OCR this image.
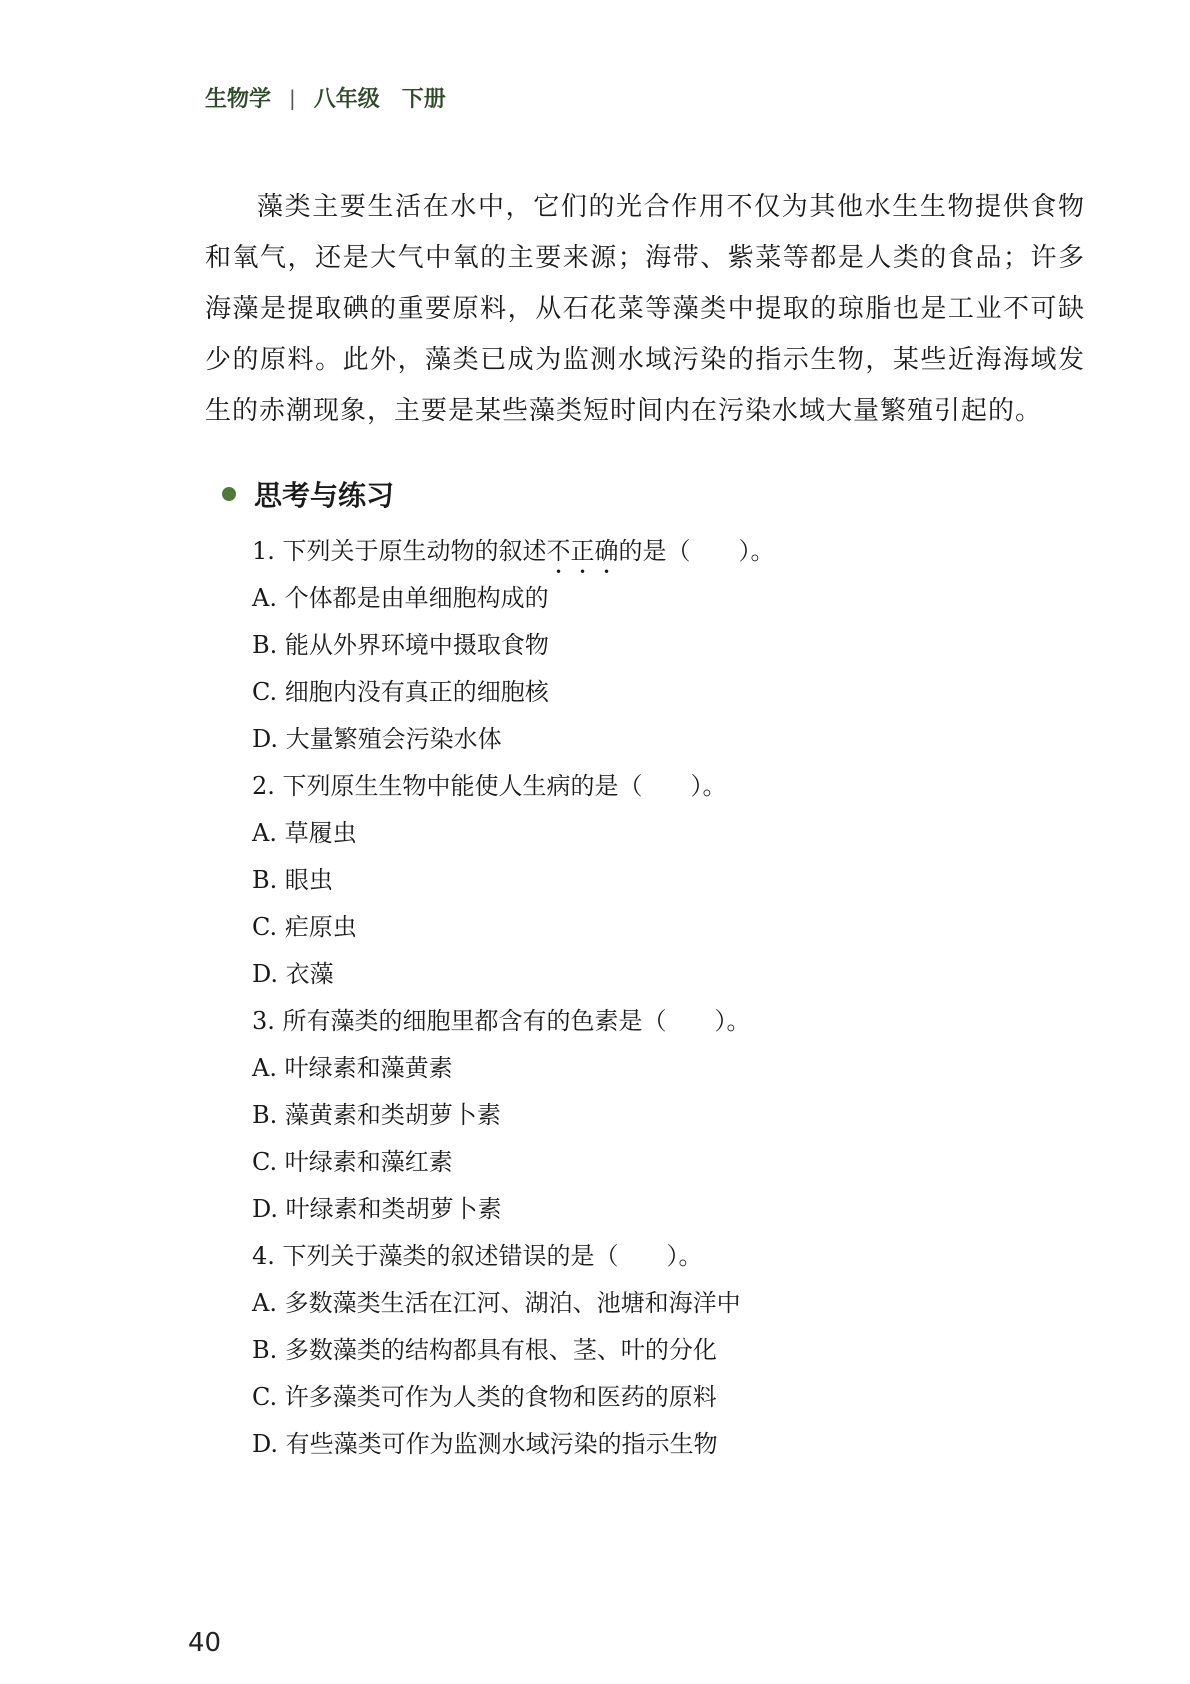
生物学 | 八年级 下册

藻类主要生活在水中，它们的光合作用不仅为其他水生生物提供食物和氧气，还是大气中氧的主要来源；海带、紫菜等都是人类的食品；许多海藻是提取碘的重要原料，从石花菜等藻类中提取的琼脂也是工业不可缺少的原料。此外，藻类已成为监测水域污染的指示生物，某些近海海域发生的赤潮现象，主要是某些藻类短时间内在污染水域大量繁殖引起的。

思考与练习
1. 下列关于原生动物的叙述不正确的是（　　）。
A. 个体都是由单细胞构成的
B. 能从外界环境中摄取食物
C. 细胞内没有真正的细胞核
D. 大量繁殖会污染水体
2. 下列原生生物中能使人生病的是（　　）。
A. 草履虫
B. 眼虫
C. 疟原虫
D. 衣藻
3. 所有藻类的细胞里都含有的色素是（　　）。
A. 叶绿素和藻黄素
B. 藻黄素和类胡萝卜素
C. 叶绿素和藻红素
D. 叶绿素和类胡萝卜素
4. 下列关于藻类的叙述错误的是（　　）。
A. 多数藻类生活在江河、湖泊、池塘和海洋中
B. 多数藻类的结构都具有根、茎、叶的分化
C. 许多藻类可作为人类的食物和医药的原料
D. 有些藻类可作为监测水域污染的指示生物
40
